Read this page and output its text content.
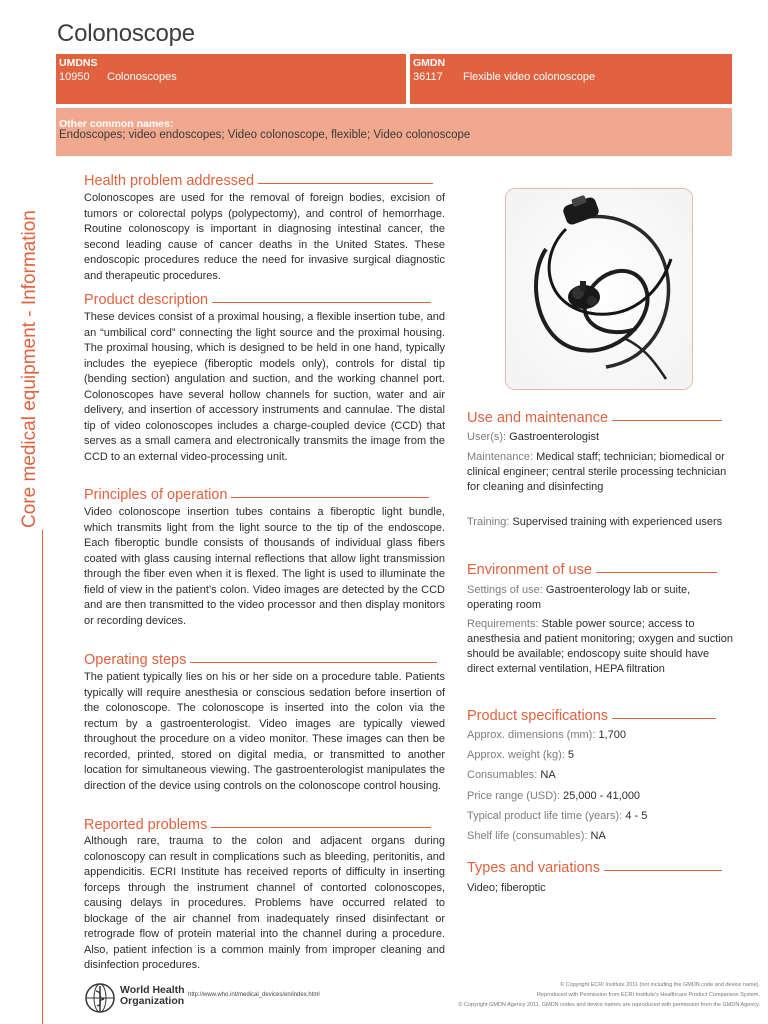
Colonoscope
UMDNS
10950 Colonoscopes
GMDN
36117 Flexible video colonoscope
Other common names:
Endoscopes; video endoscopes; Video colonoscope, flexible; Video colonoscope
Core medical equipment - Information
Health problem addressed
Colonoscopes are used for the removal of foreign bodies, excision of tumors or colorectal polyps (polypectomy), and control of hemorrhage. Routine colonoscopy is important in diagnosing intestinal cancer, the second leading cause of cancer deaths in the United States. These endoscopic procedures reduce the need for invasive surgical diagnostic and therapeutic procedures.
Product description
These devices consist of a proximal housing, a flexible insertion tube, and an “umbilical cord” connecting the light source and the proximal housing. The proximal housing, which is designed to be held in one hand, typically includes the eyepiece (fiberoptic models only), controls for distal tip (bending section) angulation and suction, and the working channel port. Colonoscopes have several hollow channels for suction, water and air delivery, and insertion of accessory instruments and cannulae. The distal tip of video colonoscopes includes a charge-coupled device (CCD) that serves as a small camera and electronically transmits the image from the CCD to an external video-processing unit.
Principles of operation
Video colonoscope insertion tubes contains a fiberoptic light bundle, which transmits light from the light source to the tip of the endoscope. Each fiberoptic bundle consists of thousands of individual glass fibers coated with glass causing internal reflections that allow light transmission through the fiber even when it is flexed. The light is used to illuminate the field of view in the patient’s colon. Video images are detected by the CCD and are then transmitted to the video processor and then display monitors or recording devices.
Operating steps
The patient typically lies on his or her side on a procedure table. Patients typically will require anesthesia or conscious sedation before insertion of the colonoscope. The colonoscope is inserted into the colon via the rectum by a gastroenterologist. Video images are typically viewed throughout the procedure on a video monitor. These images can then be recorded, printed, stored on digital media, or transmitted to another location for simultaneous viewing. The gastroenterologist manipulates the direction of the device using controls on the colonoscope control housing.
Reported problems
Although rare, trauma to the colon and adjacent organs during colonoscopy can result in complications such as bleeding, peritonitis, and appendicitis. ECRI Institute has received reports of difficulty in inserting forceps through the instrument channel of contorted colonoscopes, causing delays in procedures. Problems have occurred related to blockage of the air channel from inadequately rinsed disinfectant or retrograde flow of protein material into the channel during a procedure. Also, patient infection is a common mainly from improper cleaning and disinfection procedures.
Use and maintenance
User(s): Gastroenterologist
Maintenance: Medical staff; technician; biomedical or clinical engineer; central sterile processing technician for cleaning and disinfecting
Training: Supervised training with experienced users
Environment of use
Settings of use: Gastroenterology lab or suite, operating room
Requirements: Stable power source; access to anesthesia and patient monitoring; oxygen and suction should be available; endoscopy suite should have direct external ventilation, HEPA filtration
Product specifications
Approx. dimensions (mm): 1,700
Approx. weight (kg): 5
Consumables: NA
Price range (USD): 25,000 - 41,000
Typical product life time (years): 4 - 5
Shelf life (consumables): NA
Types and variations
Video; fiberoptic
World Health
Organization http://www.who.int/medical_devices/en/index.html
© Copyright ECRI Institute 2011 (not including the GMDN code and device name).
Reproduced with Permission from ECRI Institute’s Healthcare Product Comparison System.
© Copyright GMDN Agency 2011. GMDN codes and device names are reproduced with permission from the GMDN Agency.
